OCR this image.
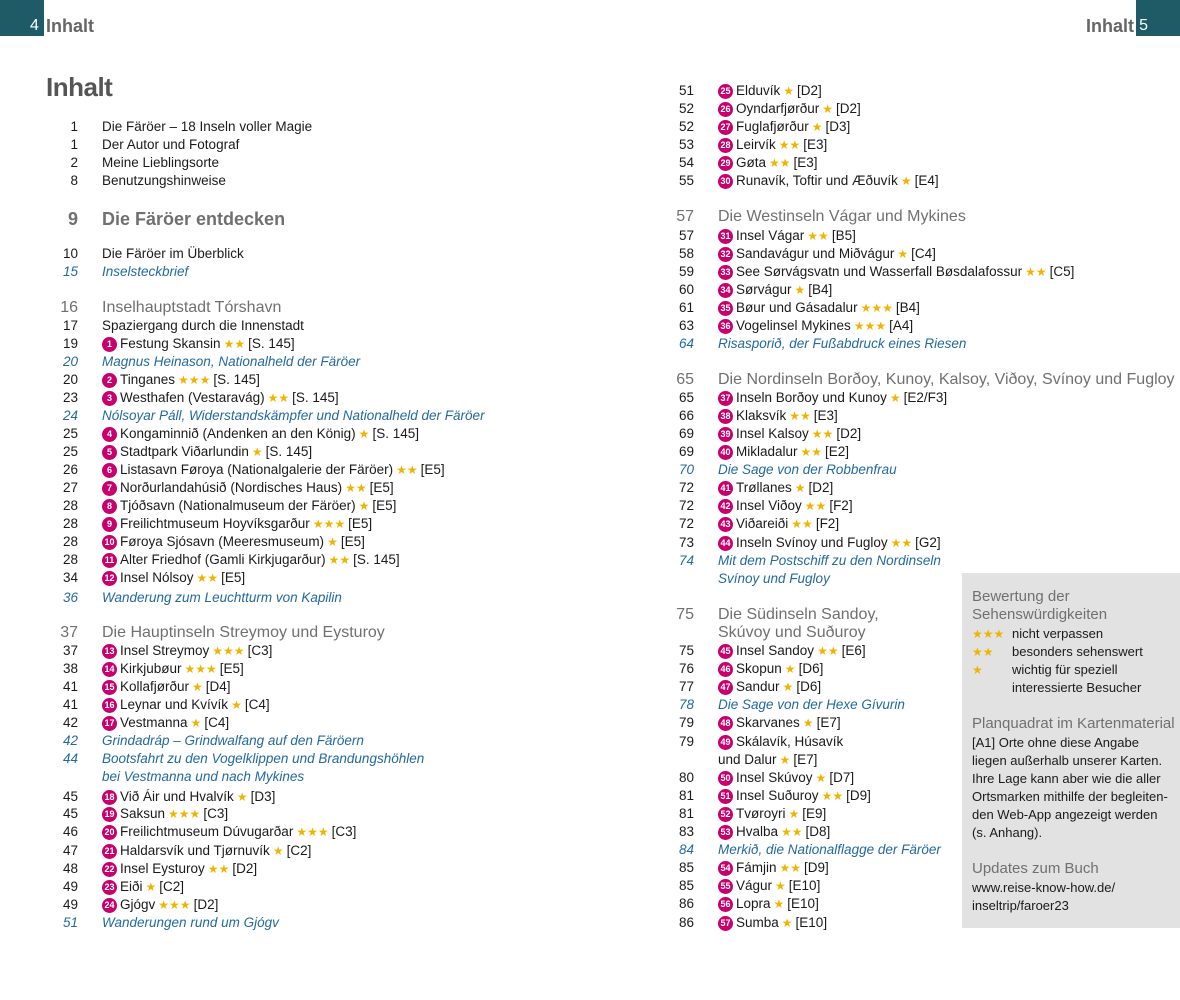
4 Inhalt	Inhalt 5
Inhalt
1 Die Färöer – 18 Inseln voller Magie
1 Der Autor und Fotograf
2 Meine Lieblingsorte
8 Benutzungshinweise
9 Die Färöer entdecken
10 Die Färöer im Überblick
15 Inselsteckbrief
16 Inselhauptstadt Tórshavn
17 Spaziergang durch die Innenstadt
19	1 Festung Skansin ★★ [S. 145]
20 Magnus Heinason, Nationalheld der Färöer
20	2 Tinganes ★★★ [S. 145]
23	3 Westhafen (Vestaravág) ★★ [S. 145]
24 Nólsoyar Páll, Widerstandskämpfer und Nationalheld der Färöer
25	4 Kongaminnið (Andenken an den König) ★ [S. 145]
25	5 Stadtpark Viðarlundin ★ [S. 145]
26	6 Listasavn Føroya (Nationalgalerie der Färöer) ★★ [E5]
27	7 Norðurlandahúsið (Nordisches Haus) ★★ [E5]
28	8 Tjóðsavn (Nationalmuseum der Färöer) ★ [E5]
28	9 Freilichtmuseum Hoyvíksgarður ★★★ [E5]
28	10 Føroya Sjósavn (Meeresmuseum) ★ [E5]
28	11 Alter Friedhof (Gamli Kirkjugarður) ★★ [S. 145]
34	12 Insel Nólsoy ★★ [E5]
36 Wanderung zum Leuchtturm von Kapilin
37 Die Hauptinseln Streymoy und Eysturoy
37	13 Insel Streymoy ★★★ [C3]
38	14 Kirkjubøur ★★★ [E5]
41	15 Kollafjørður ★ [D4]
41	16 Leynar und Kvívík ★ [C4]
42	17 Vestmanna ★ [C4]
42 Grindadráp – Grindwalfang auf den Färöern
44 Bootsfahrt zu den Vogelklippen und Brandungshöhlen
bei Vestmanna und nach Mykines
45	18 Við Áir und Hvalvík ★ [D3]
45	19 Saksun ★★★ [C3]
46	20 Freilichtmuseum Dúvugarðar ★★★ [C3]
47	21 Haldarsvík und Tjørnuvík ★ [C2]
48	22 Insel Eysturoy ★★ [D2]
49	23 Eiði ★ [C2]
49	24 Gjógv ★★★ [D2]
51 Wanderungen rund um Gjógv
51	25 Elduvík ★ [D2]
52	26 Oyndarfjørður ★ [D2]
52	27 Fuglafjørður ★ [D3]
53	28 Leirvík ★★ [E3]
54	29 Gøta ★★ [E3]
55	30 Runavík, Toftir und Æðuvík ★ [E4]
57 Die Westinseln Vágar und Mykines
57	31 Insel Vágar ★★ [B5]
58	32 Sandavágur und Miðvágur ★ [C4]
59	33 See Sørvágsvatn und Wasserfall Bøsdalafossur ★★ [C5]
60	34 Sørvágur ★ [B4]
61	35 Bøur und Gásadalur ★★★ [B4]
63	36 Vogelinsel Mykines ★★★ [A4]
64 Risasporið, der Fußabdruck eines Riesen
65 Die Nordinseln Borðoy, Kunoy, Kalsoy, Viðoy, Svínoy und Fugloy
65	37 Inseln Borðoy und Kunoy ★ [E2/F3]
66	38 Klaksvík ★★ [E3]
69	39 Insel Kalsoy ★★ [D2]
69	40 Mikladalur ★★ [E2]
70 Die Sage von der Robbenfrau
72	41 Trøllanes ★ [D2]
72	42 Insel Viðoy ★★ [F2]
72	43 Viðareiði ★★ [F2]
73	44 Inseln Svínoy und Fugloy ★★ [G2]
74 Mit dem Postschiff zu den Nordinseln
Svínoy und Fugloy
75 Die Südinseln Sandoy,
Skúvoy und Suðuroy
75	45 Insel Sandoy ★★ [E6]
76	46 Skopun ★ [D6]
77	47 Sandur ★ [D6]
78 Die Sage von der Hexe Gívurin
79	48 Skarvanes ★ [E7]
79	49 Skálavík, Húsavík
und Dalur ★ [E7]
80	50 Insel Skúvoy ★ [D7]
81	51 Insel Suðuroy ★★ [D9]
81	52 Tvøroyri ★ [E9]
83	53 Hvalba ★★ [D8]
84 Merkið, die Nationalflagge der Färöer
85	54 Fámjin ★★ [D9]
85	55 Vágur ★ [E10]
86	56 Lopra ★ [E10]
86	57 Sumba ★ [E10]
Bewertung der
Sehenswürdigkeiten
★★★ nicht verpassen
★★ besonders sehenswert
★ wichtig für speziell
interessierte Besucher
Planquadrat im Kartenmaterial
[A1] Orte ohne diese Angabe
liegen außerhalb unserer Karten.
Ihre Lage kann aber wie die aller
Ortsmarken mithilfe der begleiten-
den Web-App angezeigt werden
(s. Anhang).
Updates zum Buch
www.reise-know-how.de/
inseltrip/faroer23
